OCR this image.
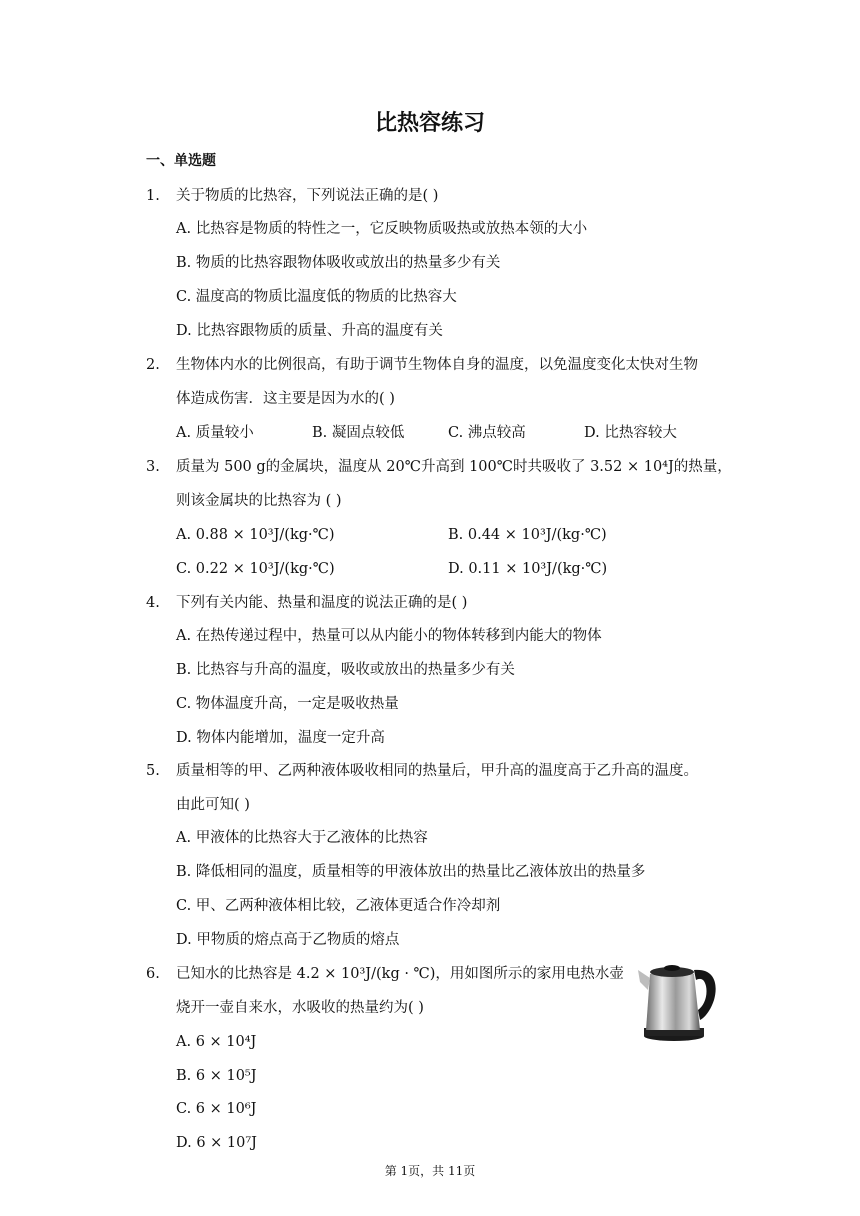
比热容练习
一、单选题
1. 关于物质的比热容，下列说法正确的是( )
A. 比热容是物质的特性之一，它反映物质吸热或放热本领的大小
B. 物质的比热容跟物体吸收或放出的热量多少有关
C. 温度高的物质比温度低的物质的比热容大
D. 比热容跟物质的质量、升高的温度有关
2. 生物体内水的比例很高，有助于调节生物体自身的温度，以免温度变化太快对生物
体造成伤害．这主要是因为水的( )
A. 质量较小	B. 凝固点较低	C. 沸点较高	D. 比热容较大
3. 质量为 500 g的金属块，温度从 20℃升高到 100℃时共吸收了 3.52 × 10⁴J的热量，
则该金属块的比热容为 ( )
A. 0.88 × 10³J/(kg·℃)	B. 0.44 × 10³J/(kg·℃)
C. 0.22 × 10³J/(kg·℃)	D. 0.11 × 10³J/(kg·℃)
4. 下列有关内能、热量和温度的说法正确的是( )
A. 在热传递过程中，热量可以从内能小的物体转移到内能大的物体
B. 比热容与升高的温度，吸收或放出的热量多少有关
C. 物体温度升高，一定是吸收热量
D. 物体内能增加，温度一定升高
5. 质量相等的甲、乙两种液体吸收相同的热量后，甲升高的温度高于乙升高的温度。
由此可知( )
A. 甲液体的比热容大于乙液体的比热容
B. 降低相同的温度，质量相等的甲液体放出的热量比乙液体放出的热量多
C. 甲、乙两种液体相比较，乙液体更适合作冷却剂
D. 甲物质的熔点高于乙物质的熔点
6. 已知水的比热容是 4.2 × 10³J/(kg · ℃)，用如图所示的家用电热水壶
烧开一壶自来水，水吸收的热量约为( )
A. 6 × 10⁴J
B. 6 × 10⁵J
C. 6 × 10⁶J
D. 6 × 10⁷J
第 1页，共 11页
